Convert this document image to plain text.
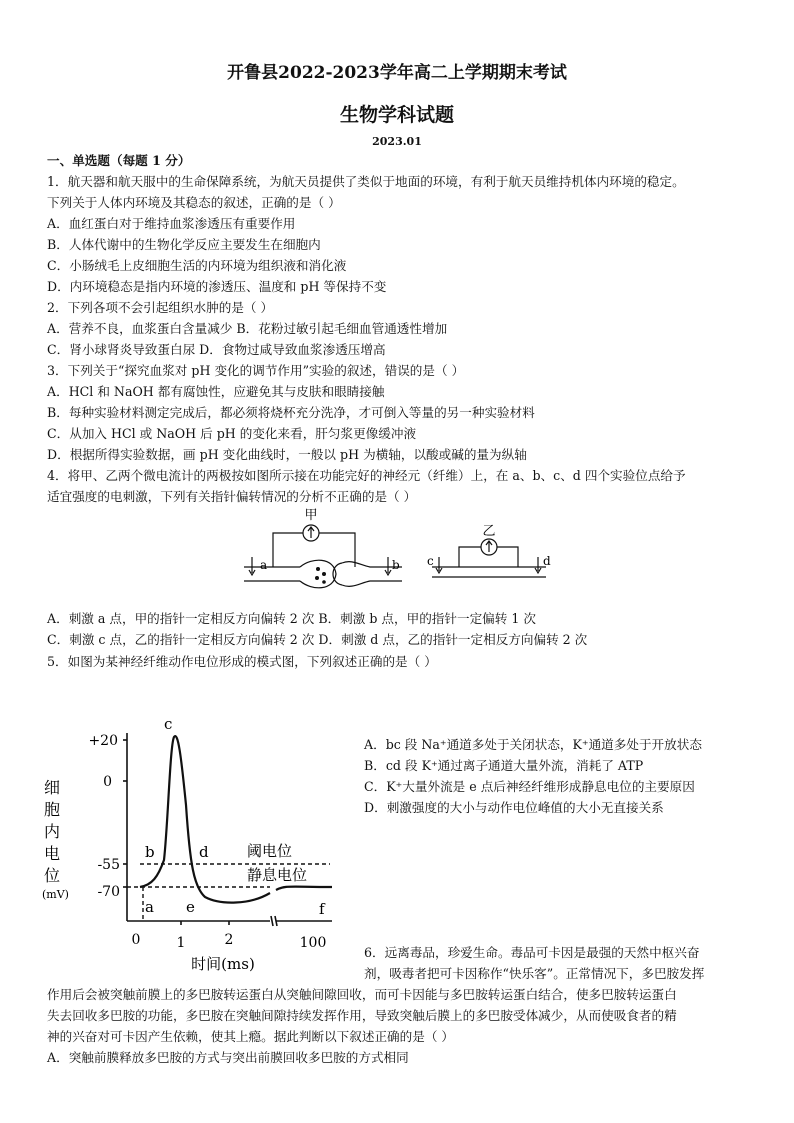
开鲁县2022-2023学年高二上学期期末考试
生物学科试题
2023.01
一、单选题（每题 1 分）
1．航天器和航天服中的生命保障系统，为航天员提供了类似于地面的环境，有利于航天员维持机体内环境的稳定。
下列关于人体内环境及其稳态的叙述，正确的是（ ）
A．血红蛋白对于维持血浆渗透压有重要作用
B．人体代谢中的生物化学反应主要发生在细胞内
C．小肠绒毛上皮细胞生活的内环境为组织液和消化液
D．内环境稳态是指内环境的渗透压、温度和 pH 等保持不变
2．下列各项不会引起组织水肿的是（ ）
A．营养不良，血浆蛋白含量减少 B．花粉过敏引起毛细血管通透性增加
C．肾小球肾炎导致蛋白尿 D．食物过咸导致血浆渗透压增高
3．下列关于“探究血浆对 pH 变化的调节作用”实验的叙述，错误的是（ ）
A．HCl 和 NaOH 都有腐蚀性，应避免其与皮肤和眼睛接触
B．每种实验材料测定完成后，都必须将烧杯充分洗净，才可倒入等量的另一种实验材料
C．从加入 HCl 或 NaOH 后 pH 的变化来看，肝匀浆更像缓冲液
D．根据所得实验数据，画 pH 变化曲线时，一般以 pH 为横轴，以酸或碱的量为纵轴
4．将甲、乙两个微电流计的两极按如图所示接在功能完好的神经元（纤维）上，在 a、b、c、d 四个实验位点给予
适宜强度的电刺激，下列有关指针偏转情况的分析不正确的是（ ）
甲
乙
a	b c	d
A．刺激 a 点，甲的指针一定相反方向偏转 2 次 B．刺激 b 点，甲的指针一定偏转 1 次
C．刺激 c 点，乙的指针一定相反方向偏转 2 次 D．刺激 d 点，乙的指针一定相反方向偏转 2 次
5．如图为某神经纤维动作电位形成的模式图，下列叙述正确的是（ ）
细
胞
内
电
位
(mV)
+20
0
-55
-70
0	1	2	100
时间(ms)
阈电位
静息电位
a
b
c
d
e	f
A．bc 段 Na⁺通道多处于关闭状态，K⁺通道多处于开放状态
B．cd 段 K⁺通过离子通道大量外流，消耗了 ATP
C．K⁺大量外流是 e 点后神经纤维形成静息电位的主要原因
D．刺激强度的大小与动作电位峰值的大小无直接关系
6．远离毒品，珍爱生命。毒品可卡因是最强的天然中枢兴奋
剂，吸毒者把可卡因称作“快乐客”。正常情况下，多巴胺发挥
作用后会被突触前膜上的多巴胺转运蛋白从突触间隙回收，而可卡因能与多巴胺转运蛋白结合，使多巴胺转运蛋白
失去回收多巴胺的功能，多巴胺在突触间隙持续发挥作用，导致突触后膜上的多巴胺受体减少，从而使吸食者的精
神的兴奋对可卡因产生依赖，使其上瘾。据此判断以下叙述正确的是（ ）
A．突触前膜释放多巴胺的方式与突出前膜回收多巴胺的方式相同
